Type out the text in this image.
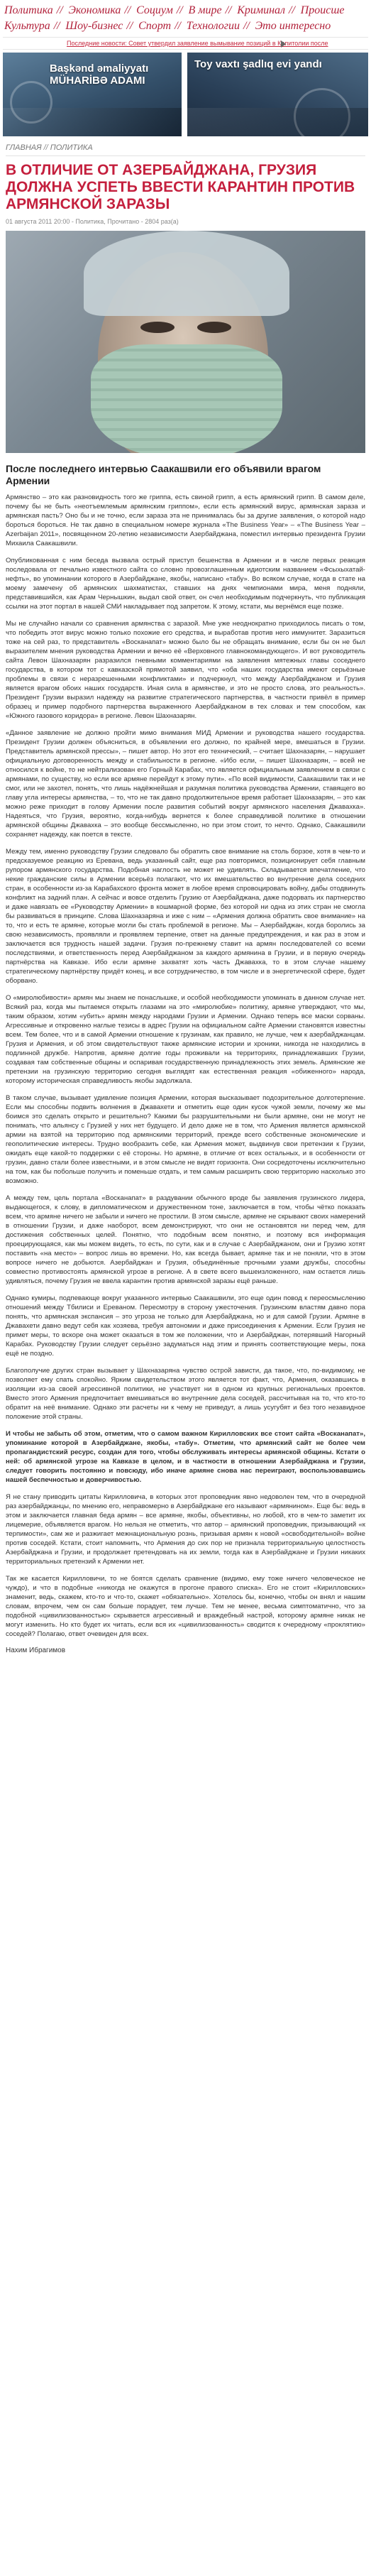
Политика // Экономика // Социум // В мире // Криминал // Происше
Культура // Шоу-бизнес // Спорт // Технологии // Это интересно
Последние новости: Совет утвердил заявление вымывание позиций в Капитолии после
Başkənd əmaliyyatı MÜHARİBƏ ADAMI
Toy vaxtı şadlıq evi yandı
ГЛАВНАЯ // ПОЛИТИКА
В ОТЛИЧИЕ ОТ АЗЕРБАЙДЖАНА, ГРУЗИЯ ДОЛЖНА УСПЕТЬ ВВЕСТИ КАРАНТИН ПРОТИВ АРМЯНСКОЙ ЗАРАЗЫ
01 августа 2011 20:00 - Политика, Прочитано - 2804 раз(а)
После последнего интервью Саакашвили его объявили врагом Армении

Армянство – это как разновидность того же гриппа, есть свиной грипп, а есть армянский грипп. В самом деле, почему бы не быть «неотъемлемым армянским гриппом», если есть армянский вирус, армянская зараза и армянская пасть? Оно бы и не точно, если зараза эта не принималась бы за другие заявления, о которой надо бороться бороться. Не так давно в специальном номере журнала «The Business Year» – «The Business Year – Azerbaijan 2011», посвященном 20-летию независимости Азербайджана, поместил интервью президента Грузии Михаила Саакашвили.

Опубликованная с ним беседа вызвала острый приступ бешенства в Армении и в числе первых реакция последовала от печально известного сайта со словно провозглашенным идиотским названием «Фсыхыхатай-нефть», во упоминании которого в Азербайджане, якобы, написано «табу». Во всяком случае, когда в стате на моему замечену об армянских шахматистах, ставших на днях чемпионами мира, меня подняли, представившийся, как Арам Чернышкин, выдал свой ответ, он счел необходимым подчеркнуть, что публикация ссылки на этот портал в нашей СМИ накладывает под запретом. К этому, кстати, мы вернёмся еще позже.

Мы не случайно начали со сравнения армянства с заразой. Мне уже неоднократно приходилось писать о том, что победить этот вирус можно только похожие его средства, и выработав против него иммунитет. Заразиться тоже на сей раз, то представитель «Восканапат» можно было бы не обращать внимание, если бы он не был выразителем мнения руководства Армении и вечно её «Верховного главнокомандующего». И вот руководитель сайта Левон Шахназарян разразился гневными комментариями на заявления мятежных главы соседнего государства, в котором тот с кавказской прямотой заявил, что «оба наших государства имеют серьёзные проблемы в связи с неразрешенными конфликтами» и подчеркнул, что между Азербайджаном и Грузия является врагом обоих наших государств. Иная сила в армянстве, и это не просто слова, это реальность». Президент Грузии выразил надежду на развитие стратегического партнерства, в частности привёл в пример образец и пример подобного партнерства выраженного Азербайджаном в тех словах и тем способом, как «Южного газового коридора» в регионе. Левон Шахназарян.

«Данное заявление не должно пройти мимо внимания МИД Армении и руководства нашего государства. Президент Грузии должен объясниться, в объявлении его должно, по крайней мере, вмешаться в Грузии. Представитель армянской прессы», – пишет автор. Но этот его технический, – считает Шахназарян, – нарушает официальную договоренность между и стабильности в регионе. «Ибо если, – пишет Шахназарян, – всей не относился к войне, то не нейтрализован его Горный Карабах, что является официальным заявлением в связи с армянами, по существу, но если все армяне перейдут к этому пути». «По всей видимости, Саакашвили так и не смог, или не захотел, понять, что лишь надёжнейшая и разумная политика руководства Армении, ставящего во главу угла интересы армянства, – то, что не так давно продолжительное время работает Шахназарян, – это как можно реже приходит в голову Армении после развития событий вокруг армянского населения Джавахка». Надеяться, что Грузия, вероятно, когда-нибудь вернется к более справедливой политике в отношении армянской общины Джавахка – это вообще бессмысленно, но при этом стоит, то нечто. Однако, Саакашвили сохраняет надежду, как поется в тексте.

Между тем, именно руководству Грузии следовало бы обратить свое внимание на столь борзое, хотя в чем-то и предсказуемое реакцию из Еревана, ведь указанный сайт, еще раз повторимся, позиционирует себя главным рупором армянского государства. Подобная наглость не может не удивлять. Складывается впечатление, что некие гражданские силы в Армении всерьёз полагают, что их вмешательство во внутренние дела соседних стран, в особенности из-за Карабахского фронта может в любое время спровоцировать войну, дабы отодвинуть конфликт на задний план. А сейчас и вовсе отделить Грузию от Азербайджана, даже подорвать их партнерство и даже навязать ее «Руководству Армении» в кошмарной форме, без которой ни одна из этих стран не смогла бы развиваться в принципе. Слова Шахназаряна и иже с ним – «Армения должна обратить свое внимание» на то, что и есть те армяне, которые могли бы стать проблемой в регионе. Мы – Азербайджан, когда боролись за свою независимость, проявляли и проявляем терпение, ответ на данные предупреждения, и как раз в этом и заключается вся трудность нашей задачи. Грузия по-прежнему ставит на армян последователей со всеми последствиями, и ответственность перед Азербайджаном за каждого армянина в Грузии, и в первую очередь партнёрства на Кавказе. Ибо если армяне захватят хоть часть Джавахка, то в этом случае нашему стратегическому партнёрству придёт конец, и все сотрудничество, в том числе и в энергетической сфере, будет оборвано.

О «миролюбивости» армян мы знаем не понаслышке, и особой необходимости упоминать в данном случае нет. Всякий раз, когда мы пытаемся открыть глазами на это «миролюбие» политику, армяне утверждают, что мы, таким образом, хотим «убить» армян между народами Грузии и Армении. Однако теперь все маски сорваны. Агрессивные и откровенно наглые тезисы в адрес Грузии на официальном сайте Армении становятся известны всем. Тем более, что и в самой Армении отношение к грузинам, как правило, не лучше, чем к азербайджанцам. Грузия и Армения, и об этом свидетельствуют также армянские истории и хроники, никогда не находились в подлинной дружбе. Напротив, армяне долгие годы проживали на территориях, принадлежавших Грузии, создавая там собственные общины и оспаривая государственную принадлежность этих земель. Армянские же претензии на грузинскую территорию сегодня выглядят как естественная реакция «обиженного» народа, которому историческая справедливость якобы задолжала.

В таком случае, вызывает удивление позиция Армении, которая высказывает подозрительное долготерпение. Если мы способны подвить волнения в Джавахети и отметить еще один кусок чужой земли, почему же мы боимся это сделать открыто и решительно? Какими бы разрушительными ни были армяне, они не могут не понимать, что альянсу с Грузией у них нет будущего. И дело даже не в том, что Армения является армянской армии на взятой на территорию под армянскими территорий, прежде всего собственные экономические и геополитические интересы. Трудно вообразить себе, как Армения может, выдвинув свои претензии к Грузии, ожидать еще какой-то поддержки с её стороны. Но армяне, в отличие от всех остальных, и в особенности от грузин, давно стали более известными, и в этом смысле не видят горизонта. Они сосредоточены исключительно на том, как бы побольше получить и поменьше отдать, и тем самым расширить свою территорию насколько это возможно.

А между тем, цель портала «Восканапат» в раздувании обычного вроде бы заявления грузинского лидера, выдающегося, к слову, в дипломатическом и дружественном тоне, заключается в том, чтобы чётко показать всем, что армяне ничего не забыли и ничего не простили. В этом смысле, армяне не скрывают своих намерений в отношении Грузии, и даже наоборот, всем демонстрируют, что они не остановятся ни перед чем, для достижения собственных целей. Понятно, что подобным всем понятно, и поэтому вся информация проецирующаяся, как мы можем видеть, то есть, по сути, как и в случае с Азербайджаном, они и Грузию хотят поставить «на место» – вопрос лишь во времени. Но, как всегда бывает, армяне так и не поняли, что в этом вопросе ничего не добьются. Азербайджан и Грузия, объединённые прочными узами дружбы, способны совместно противостоять армянской угрозе в регионе. А в свете всего вышеизложенного, нам остается лишь удивляться, почему Грузия не ввела карантин против армянской заразы ещё раньше.

Однако кумиры, подпевающе вокруг указанного интервью Саакашвили, это еще один повод к переосмыслению отношений между Тбилиси и Ереваном. Пересмотру в сторону ужесточения. Грузинским властям давно пора понять, что армянская экспансия – это угроза не только для Азербайджана, но и для самой Грузии. Армяне в Джавахети давно ведут себя как хозяева, требуя автономии и даже присоединения к Армении. Если Грузия не примет меры, то вскоре она может оказаться в том же положении, что и Азербайджан, потерявший Нагорный Карабах. Руководству Грузии следует серьёзно задуматься над этим и принять соответствующие меры, пока ещё не поздно.

Благополучие других стран вызывает у Шахназаряна чувство острой зависти, да такое, что, по-видимому, не позволяет ему спать спокойно. Ярким свидетельством этого является тот факт, что, Армения, оказавшись в изоляции из-за своей агрессивной политики, не участвует ни в одном из крупных региональных проектов. Вместо этого Армения предпочитает вмешиваться во внутренние дела соседей, рассчитывая на то, что кто-то обратит на неё внимание. Однако эти расчеты ни к чему не приведут, а лишь усугубят и без того незавидное положение этой страны.

И чтобы не забыть об этом, отметим, что о самом важном Кирилловских все стоит сайта «Восканапат», упоминание которой в Азербайджане, якобы, «табу». Отметим, что армянский сайт не более чем пропагандистский ресурс, создан для того, чтобы обслуживать интересы армянской общины. Кстати о ней: об армянской угрозе на Кавказе в целом, и в частности в отношении Азербайджана и Грузии, следует говорить постоянно и повсюду, ибо иначе армяне снова нас переиграют, воспользовавшись нашей беспечностью и доверчивостью.

Я не стану приводить цитаты Кирилловича, в которых этот проповедник явно недоволен тем, что в очередной раз азербайджанцы, по мнению его, неправомерно в Азербайджане его называют «армянином». Еще бы: ведь в этом и заключается главная беда армян – все армяне, якобы, объективны, но любой, кто в чем-то заметит их лицемерие, объявляется врагом. Но нельзя не отметить, что автор – армянский проповедник, призывающий «к терпимости», сам же и разжигает межнациональную рознь, призывая армян к новой «освободительной» войне против соседей. Кстати, стоит напомнить, что Армения до сих пор не признала территориальную целостность Азербайджана и Грузии, и продолжает претендовать на их земли, тогда как в Азербайджане и Грузии никаких территориальных претензий к Армении нет.

Так же касается Кирилловичи, то не боятся сделать сравнение (видимо, ему тоже ничего человеческое не чуждо), и что в подобные «никогда не окажутся в прогоне правого списка». Его не стоит «Кирилловских» знаменит, ведь, скажем, кто-то и что-то, скажет «обязательно». Хотелось бы, конечно, чтобы он внял и нашим словам, впрочем, чем он сам больше порадует, тем лучше. Тем не менее, весьма симптоматично, что за подобной «цивилизованностью» скрывается агрессивный и враждебный настрой, которому армяне никак не могут изменить. Но кто будет их читать, если вся их «цивилизованность» сводится к очередному «проклятию» соседей? Полагаю, ответ очевиден для всех.

Нахим Ибрагимов
